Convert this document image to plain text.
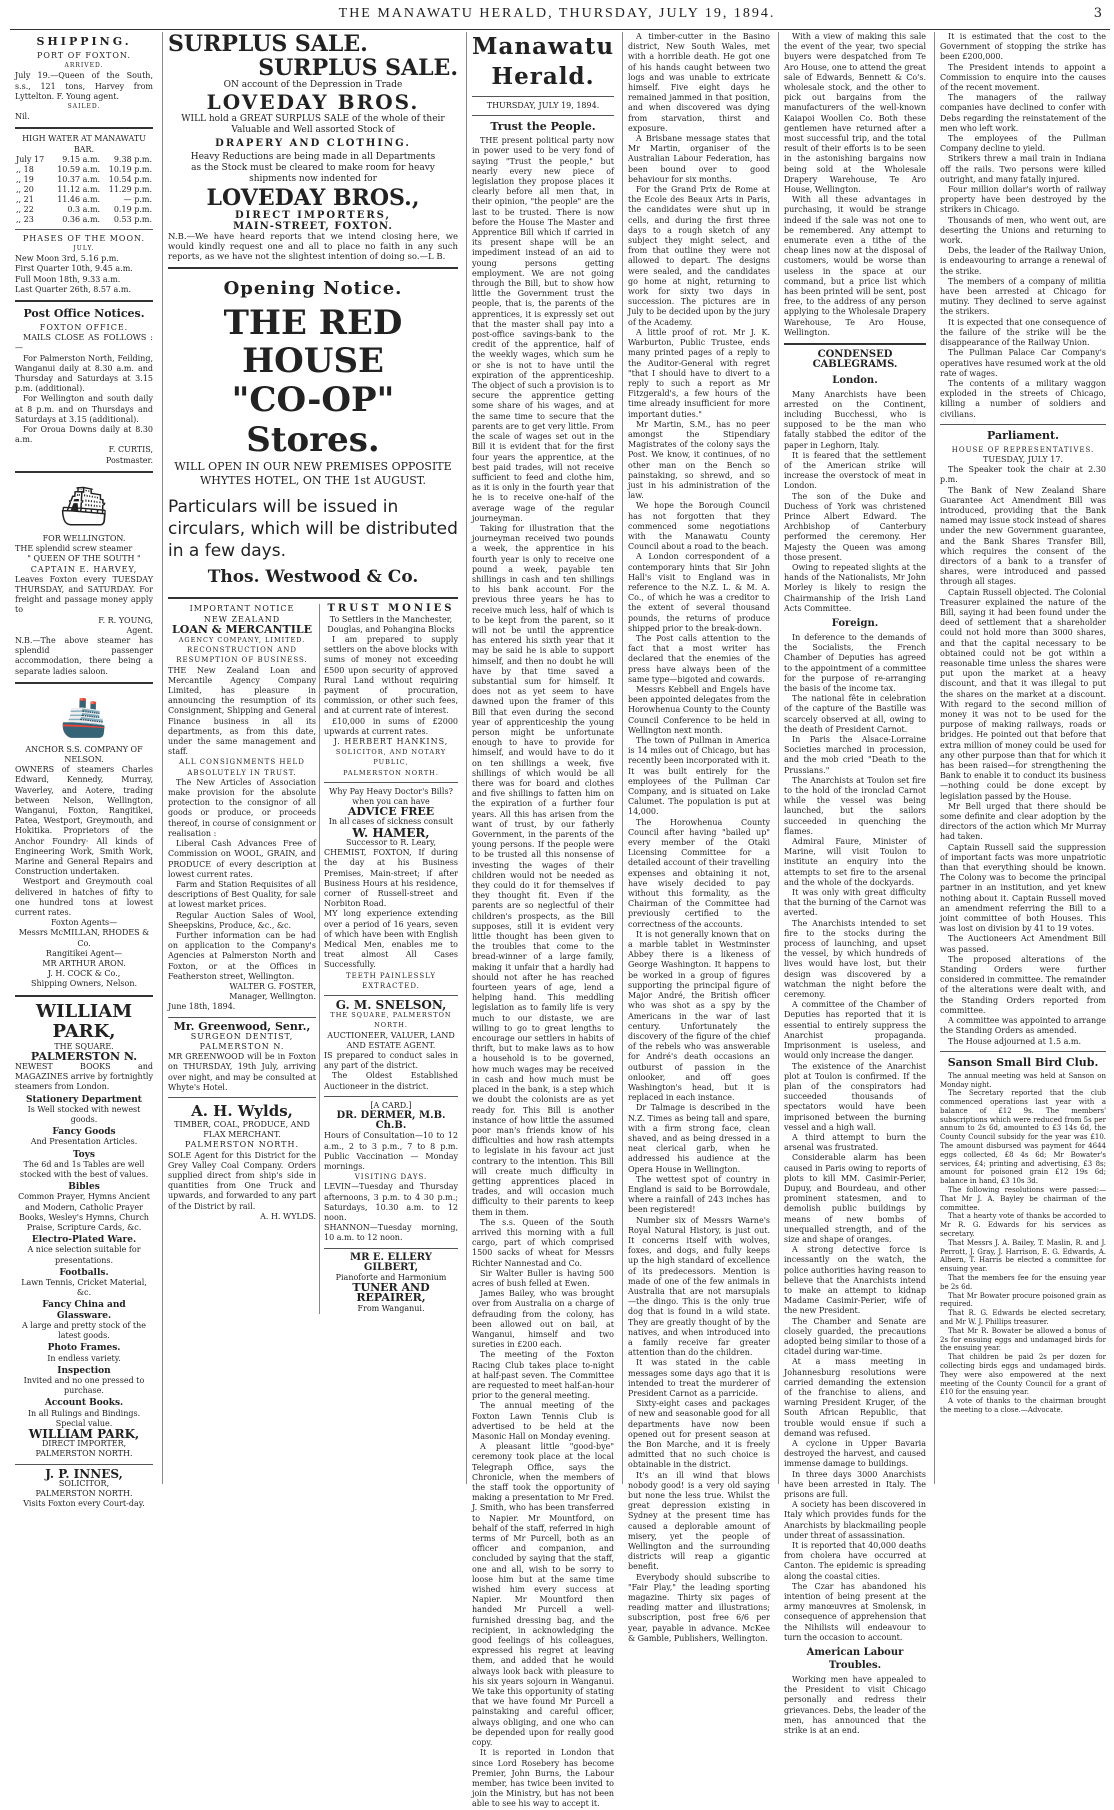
THE MANAWATU HERALD, THURSDAY, JULY 19, 1894.	3
SHIPPING.
PORT OF FOXTON.
ARRIVED.

July 19.—Queen of the South, s.s., 121 tons, Harvey from Lyttelton. F. Young agent.

SAILED.

Nil.

HIGH WATER AT MANAWATU BAR.
July 17	9.15 a.m.	9.38 p.m.
,, 18	10.59 a.m.	10.19 p.m.
,, 19	10.37 a.m.	10.54 p.m.
,, 20	11.12 a.m.	11.29 p.m.
,, 21	11.46 a.m.	— p.m.
,, 22	0.3 a.m.	0.19 p.m.
,, 23	0.36 a.m.	0.53 p.m.
PHASES OF THE MOON.
JULY.

New Moon 3rd, 5.16 p.m.

First Quarter 10th, 9.45 a.m.

Full Moon 18th, 9.33 a.m.

Last Quarter 26th, 8.57 a.m.

Post Office Notices.
FOXTON OFFICE.

MAILS CLOSE AS FOLLOWS :—

For Palmerston North, Feilding, Wanganui daily at 8.30 a.m. and Thursday and Saturdays at 3.15 p.m. (additional).

For Wellington and south daily at 8 p.m. and on Thursdays and Saturdays at 3.15 (additional).

For Oroua Downs daily at 8.30 a.m.

F. CURTIS,
Postmaster.
⛴
FOR WELLINGTON.

THE splendid screw steamer

" QUEEN OF THE SOUTH "
CAPTAIN E. HARVEY,

Leaves Foxton every TUESDAY THURSDAY, and SATURDAY. For freight and passage money apply to

F. R. YOUNG,
Agent.

N.B.—The above steamer has splendid passenger accommodation, there being a separate ladies saloon.

🚢
ANCHOR S.S. COMPANY OF
NELSON.

OWNERS of steamers Charles Edward, Kennedy, Murray, Waverley, and Aotere, trading between Nelson, Wellington, Wanganui, Foxton, Rangitikei, Patea, Westport, Greymouth, and Hokitika. Proprietors of the Anchor Foundry· All kinds of Engineering Work, Smith Work, Marine and General Repairs and Construction undertaken.

Westport and Greymouth coal delivered in hatches of fifty to one hundred tons at lowest current rates.

Foxton Agents—

Messrs McMILLAN, RHODES & Co.

Rangitikei Agent—

MR ARTHUR ARON.

J. H. COCK & Co.,

Shipping Owners, Nelson.

WILLIAM PARK,
THE SQUARE.
PALMERSTON N.

NEWEST BOOKS and MAGAZINES arrive by fortnightly steamers from London.

Stationery Department
Is Well stocked with newest goods.
Fancy Goods
And Presentation Articles.
Toys
The 6d and 1s Tables are well stocked with the best of values.
Bibles
Common Prayer, Hymns Ancient and Modern, Catholic Prayer Books, Wesley's Hymns, Church Praise, Scripture Cards, &c.
Electro-Plated Ware.
A nice selection suitable for presentations.
Footballs.
Lawn Tennis, Cricket Material, &c.
Fancy China and Glassware.
A large and pretty stock of the latest goods.
Photo Frames.
In endless variety.
Inspection
Invited and no one pressed to purchase.
Account Books.
In all Rulings and Bindings. Special value.
WILLIAM PARK,
DIRECT IMPORTER,
PALMERSTON NORTH.
J. P. INNES,
SOLICITOR,
PALMERSTON NORTH.
Visits Foxton every Court-day.
SURPLUS SALE.
SURPLUS SALE.
ON account of the Depression in Trade
LOVEDAY BROS.

WILL hold a GREAT SURPLUS SALE of the whole of their Valuable and Well assorted Stock of

DRAPERY AND CLOTHING.

Heavy Reductions are being made in all Departments as the Stock must be cleared to make room for heavy shipments now indented for

LOVEDAY BROS.,
DIRECT IMPORTERS,
MAIN-STREET, FOXTON.

N.B.—We have heard reports that we intend closing here, we would kindly request one and all to place no faith in any such reports, as we have not the slightest intention of doing so.—L B.

Opening Notice.
THE RED HOUSE
"CO-OP" Stores.
WILL OPEN IN OUR NEW PREMISES OPPOSITE
WHYTES HOTEL, ON THE 1st AUGUST.

Particulars will be issued in circulars, which will be distributed in a few days.

Thos. Westwood & Co.
IMPORTANT NOTICE
NEW ZEALAND
LOAN & MERCANTILE
AGENCY COMPANY, LIMITED.
RECONSTRUCTION AND RESUMPTION OF BUSINESS.

THE New Zealand Loan and Mercantile Agency Company Limited, has pleasure in announcing the resumption of its Consignment, Shipping and General Finance business in all its departments, as from this date, under the same management and staff.

ALL CONSIGNMENTS HELD ABSOLUTELY IN TRUST.

The New Articles of Association make provision for the absolute protection to the consignor of all goods or produce, or proceeds thereof, in course of consignment or realisation :

Liberal Cash Advances Free of Commission on WOOL, GRAIN, and PRODUCE of every description at lowest current rates.

Farm and Station Requisites of all descriptions of Best Quality, for sale at lowest market prices.

Regular Auction Sales of Wool, Sheepskins, Produce, &c., &c.

Further information can be had on application to the Company's Agencies at Palmerston North and Foxton, or at the Offices in Featherston street, Wellington.

WALTER G. FOSTER,
Manager, Wellington.
June 18th, 1894.
Mr. Greenwood, Senr.,
SURGEON DENTIST,
PALMERSTON N.

MR GREENWOOD will be in Foxton on THURSDAY, 19th July, arriving over night, and may be consulted at Whyte's Hotel.

A. H. Wylds,
TIMBER, COAL, PRODUCE, AND FLAX MERCHANT.
PALMERSTON NORTH.

SOLE Agent for this District for the Grey Valley Coal Company. Orders supplied direct from ship's side in quantities from One Truck and upwards, and forwarded to any part of the District by rail.

A. H. WYLDS.
TRUST MONIES
To Settlers in the Manchester, Douglas, and Pohangina Blocks

I am prepared to supply settlers on the above blocks with sums of money not exceeding £500 upon security of approved Rural Land without requiring payment of procuration, commission, or other such fees, and at current rate of interest.

£10,000 in sums of £2000 upwards at current rates.

J. HERBERT HANKINS,
SOLICITOR, AND NOTARY PUBLIC,
PALMERSTON NORTH.
Why Pay Heavy Doctor's Bills? when you can have
ADVICE FREE
In all cases of sickness consult
W. HAMER,
Successor to R. Leary,

CHEMIST, FOXTON, If during the day at his Business Premises, Main-street; if after Business Hours at his residence, corner of Russell-street and Norbiton Road.

MY long experience extending over a period of 16 years, seven of which have been with English Medical Men, enables me to treat almost All Cases Successfully.

TEETH PAINLESSLY EXTRACTED.
G. M. SNELSON,
THE SQUARE, PALMERSTON NORTH.
AUCTIONEER, VALUER, LAND AND ESTATE AGENT.

IS prepared to conduct sales in any part of the district.

The Oldest Established Auctioneer in the district.

[A CARD.]
DR. DERMER, M.B. Ch.B.

Hours of Consultation—10 to 12 a.m., 2 to 3 p.m., 7 to 8 p.m. Public Vaccination — Monday mornings.

VISITING DAYS.

LEVIN—Tuesday and Thursday afternoons, 3 p.m. to 4 30 p.m.; Saturdays, 10.30 a.m. to 12 noon.

SHANNON—Tuesday morning, 10 a.m. to 12 noon.

MR E. ELLERY GILBERT,
Pianoforte and Harmonium
TUNER AND REPAIRER,
From Wanganui.
Manawatu Herald.
THURSDAY, JULY 19, 1894.
Trust the People.

THE present political party now in power used to be very fond of saying "Trust the people," but nearly every new piece of legislation they propose places it clearly before all men that, in their opinion, "the people" are the last to be trusted. There is now before the House The Master and Apprentice Bill which if carried in its present shape will be an impediment instead of an aid to young persons getting employment. We are not going through the Bill, but to show how little the Government trust the people, that is, the parents of the apprentices, it is expressly set out that the master shall pay into a post-office savings-bank to the credit of the apprentice, half of the weekly wages, which sum he or she is not to have until the expiration of the apprenticeship. The object of such a provision is to secure the apprentice getting some share of his wages, and at the same time to secure that the parents are to get very little. From the scale of wages set out in the Bill it is evident that for the first four years the apprentice, at the best paid trades, will not receive sufficient to feed and clothe him, as it is only in the fourth year that he is to receive one-half of the average wage of the regular journeyman.

Taking for illustration that the journeyman received two pounds a week, the apprentice in his fourth year is only to receive one pound a week, payable ten shillings in cash and ten shillings to his bank account. For the previous three years he has to receive much less, half of which is to be kept from the parent, so it will not be until the apprentice has entered his sixth year that it may be said he is able to support himself, and then no doubt he will have by that time saved a substantial sum for himself. It does not as yet seem to have dawned upon the framer of this Bill that even during the second year of apprenticeship the young person might be unfortunate enough to have to provide for himself, and would have to do it on ten shillings a week, five shillings of which would be all there was for board and clothes and five shillings to fatten him on the expiration of a further four years. All this has arisen from the want of trust, by our fatherly Government, in the parents of the young persons. If the people were to be trusted all this nonsense of investing the wages of their children would not be needed as they could do it for themselves if they thought fit. Even if the parents are so neglectful of their children's prospects, as the Bill supposes, still it is evident very little thought has been given to the troubles that come to the bread-winner of a large family, making it unfair that a hardly had should not after he has reached fourteen years of age, lend a helping hand. This meddling legislation as to family life is very much to our distaste, we are willing to go to great lengths to encourage our settlers in habits of thrift, but to make laws as to how a household is to be governed, how much wages may be received in cash and how much must be placed in the bank, is a step which we doubt the colonists are as yet ready for. This Bill is another instance of how little the assumed poor man's friends know of his difficulties and how rash attempts to legislate in his favour act just contrary to the intention. This Bill will create much difficulty in getting apprentices placed in trades, and will occasion much difficulty to their parents to keep them in them.

The s.s. Queen of the South arrived this morning with a full cargo, part of which comprised 1500 sacks of wheat for Messrs Richter Nannestad and Co.

Sir Walter Buller is having 500 acres of bush felled at Ewen.

James Bailey, who was brought over from Australia on a charge of defrauding from the colony, has been allowed out on bail, at Wanganui, himself and two sureties in £200 each.

The meeting of the Foxton Racing Club takes place to-night at half-past seven. The Committee are requested to meet half-an-hour prior to the general meeting.

The annual meeting of the Foxton Lawn Tennis Club is advertised to be held at the Masonic Hall on Monday evening.

A pleasant little "good-bye" ceremony took place at the local Telegraph Office, says the Chronicle, when the members of the staff took the opportunity of making a presentation to Mr Fred. J. Smith, who has been transferred to Napier. Mr Mountford, on behalf of the staff, referred in high terms of Mr Purcell, both as an officer and companion, and concluded by saying that the staff, one and all, wish to be sorry to loose him but at the same time wished him every success at Napier. Mr Mountford then handed Mr Purcell a well-furnished dressing bag, and the recipient, in acknowledging the good feelings of his colleagues, expressed his regret at leaving them, and added that he would always look back with pleasure to his six years sojourn in Wanganui. We take this opportunity of stating that we have found Mr Purcell a painstaking and careful officer, always obliging, and one who can be depended upon for really good copy.

It is reported in London that since Lord Rosebery has become Premier, John Burns, the Labour member, has twice been invited to join the Ministry, but has not been able to see his way to accept it.

A timber-cutter in the Basino district, New South Wales, met with a horrible death. He got one of his hands caught between two logs and was unable to extricate himself. Five eight days he remained jammed in that position, and when discovered was dying from starvation, thirst and exposure.

A Brisbane message states that Mr Martin, organiser of the Australian Labour Federation, has been bound over to good behaviour for six months.

For the Grand Prix de Rome at the Ecole des Beaux Arts in Paris, the candidates were shut up in cells, and during the first three days to a rough sketch of any subject they might select, and from that outline they were not allowed to depart. The designs were sealed, and the candidates go home at night, returning to work for sixty two days in succession. The pictures are in July to be decided upon by the jury of the Academy.

A little proof of rot. Mr J. K. Warburton, Public Trustee, ends many printed pages of a reply to the Auditor-General with regret "that I should have to divert to a reply to such a report as Mr Fitzgerald's, a few hours of the time already insufficient for more important duties."

Mr Martin, S.M., has no peer amongst the Stipendiary Magistrates of the colony says the Post. We know, it continues, of no other man on the Bench so painstaking, so shrewd, and so just in his administration of the law.

We hope the Borough Council has not forgotten that they commenced some negotiations with the Manawatu County Council about a road to the beach.

A London correspondent of a contemporary hints that Sir John Hall's visit to England was in reference to the N.Z. L. & M. A. Co., of which he was a creditor to the extent of several thousand pounds, the returns of produce shipped prior to the break-down.

The Post calls attention to the fact that a most writer has declared that the enemies of the press have always been of the same type—bigoted and cowards.

Messrs Kebbell and Engels have been appointed delegates from the Horowhenua County to the County Council Conference to be held in Wellington next month.

The town of Pullman in America is 14 miles out of Chicago, but has recently been incorporated with it. It was built entirely for the employees of the Pullman Car Company, and is situated on Lake Calumet. The population is put at 14,000.

The Horowhenua County Council after having "bailed up" every member of the Otaki Licensing Committee for a detailed account of their travelling expenses and obtaining it not, have wisely decided to pay without this formality, as the Chairman of the Committee had previously certified to the correctness of the accounts.

It is not generally known that on a marble tablet in Westminster Abbey there is a likeness of George Washington. It happens to be worked in a group of figures supporting the principal figure of Major André, the British officer who was shot as a spy by the Americans in the war of last century. Unfortunately the discovery of the figure of the chief of the rebels who was answerable for André's death occasions an outburst of passion in the onlooker, and off goes Washington's head, but it is replaced in each instance.

Dr Talmage is described in the N.Z. Times as being tall and spare, with a firm strong face, clean shaved, and as being dressed in a neat clerical garb, when he addressed his audience at the Opera House in Wellington.

The wettest spot of country in England is said to be Borrowdale, where a rainfall of 243 inches has been registered!

Number six of Messrs Warne's Royal Natural History, is just out. It concerns itself with wolves, foxes, and dogs, and fully keeps up the high standard of excellence of its predecessors. Mention is made of one of the few animals in Australia that are not marsupials—the dingo. This is the only true dog that is found in a wild state. They are greatly thought of by the natives, and when introduced into a family receive far greater attention than do the children.

It was stated in the cable messages some days ago that it is intended to treat the murderer of President Carnot as a parricide.

Sixty-eight cases and packages of new and seasonable good for all departments have now been opened out for present season at the Bon Marche, and it is freely admitted that no such choice is obtainable in the district.

It's an ill wind that blows nobody good! is a very old saying but none the less true. Whilst the great depression existing in Sydney at the present time has caused a deplorable amount of misery, yet the people of Wellington and the surrounding districts will reap a gigantic benefit.

Everybody should subscribe to "Fair Play," the leading sporting magazine. Thirty six pages of reading matter and illustrations; subscription, post free 6/6 per year, payable in advance. McKee & Gamble, Publishers, Wellington.

With a view of making this sale the event of the year, two special buyers were despatched from Te Aro House, one to attend the great sale of Edwards, Bennett & Co's. wholesale stock, and the other to pick out bargains from the manufacturers of the well-known Kaiapoi Woollen Co. Both these gentlemen have returned after a most successful trip, and the total result of their efforts is to be seen in the astonishing bargains now being sold at the Wholesale Drapery Warehouse, Te Aro House, Wellington.

With all these advantages in purchasing, it would be strange indeed if the sale was not one to be remembered. Any attempt to enumerate even a tithe of the cheap lines now at the disposal of customers, would be worse than useless in the space at our command, but a price list which has been printed will be sent, post free, to the address of any person applying to the Wholesale Drapery Warehouse, Te Aro House, Wellington.

CONDENSED CABLEGRAMS.
London.

Many Anarchists have been arrested on the Continent, including Bucchessi, who is supposed to be the man who fatally stabbed the editor of the paper in Leghorn, Italy.

It is feared that the settlement of the American strike will increase the overstock of meat in London.

The son of the Duke and Duchess of York was christened Prince Albert Edward. The Archbishop of Canterbury performed the ceremony. Her Majesty the Queen was among those present.

Owing to repeated slights at the hands of the Nationalists, Mr John Morley is likely to resign the Chairmanship of the Irish Land Acts Committee.

Foreign.

In deference to the demands of the Socialists, the French Chamber of Deputies has agreed to the appointment of a committee for the purpose of re-arranging the basis of the income tax.

The national fête in celebration of the capture of the Bastille was scarcely observed at all, owing to the death of President Carnot.

In Paris the Alsace-Lorraine Societies marched in procession, and the mob cried "Death to the Prussians."

The Anarchists at Toulon set fire to the hold of the ironclad Carnot while the vessel was being launched, but the sailors succeeded in quenching the flames.

Admiral Faure, Minister of Marine, will visit Toulon to institute an enquiry into the attempts to set fire to the arsenal and the whole of the dockyards.

It was only with great difficulty that the burning of the Carnot was averted.

The Anarchists intended to set fire to the stocks during the process of launching, and upset the vessel, by which hundreds of lives would have lost, but their design was discovered by a watchman the night before the ceremony.

A committee of the Chamber of Deputies has reported that it is essential to entirely suppress the Anarchist propaganda. Imprisonment is useless, and would only increase the danger.

The existence of the Anarchist plot at Toulon is confirmed. If the plan of the conspirators had succeeded thousands of spectators would have been imprisoned between the burning vessel and a high wall.

A third attempt to burn the arsenal was frustrated.

Considerable alarm has been caused in Paris owing to reports of plots to kill MM. Casimir-Perier, Dupuy, and Bourdeau, and other prominent statesmen, and to demolish public buildings by means of new bombs of unequalled strength, and of the size and shape of oranges.

A strong detective force is incessantly on the watch, the police authorities having reason to believe that the Anarchists intend to make an attempt to kidnap Madame Casimir-Perier, wife of the new President.

The Chamber and Senate are closely guarded, the precautions adopted being similar to those of a citadel during war-time.

At a mass meeting in Johannesburg resolutions were carried demanding the extension of the franchise to aliens, and warning President Kruger, of the South African Republic, that trouble would ensue if such a demand was refused.

A cyclone in Upper Bavaria destroyed the harvest, and caused immense damage to buildings.

In three days 3000 Anarchists have been arrested in Italy. The prisons are full.

A society has been discovered in Italy which provides funds for the Anarchists by blackmailing people under threat of assassination.

It is reported that 40,000 deaths from cholera have occurred at Canton. The epidemic is spreading along the coastal cities.

The Czar has abandoned his intention of being present at the army manœuvres at Smolensk, in consequence of apprehension that the Nihilists will endeavour to turn the occasion to account.

American Labour Troubles.

Working men have appealed to the President to visit Chicago personally and redress their grievances. Debs, the leader of the men, has announced that the strike is at an end.

It is estimated that the cost to the Government of stopping the strike has been £200,000.

The President intends to appoint a Commission to enquire into the causes of the recent movement.

The managers of the railway companies have declined to confer with Debs regarding the reinstatement of the men who left work.

The employees of the Pullman Company decline to yield.

Strikers threw a mail train in Indiana off the rails. Two persons were killed outright, and many fatally injured.

Four million dollar's worth of railway property have been destroyed by the strikers in Chicago.

Thousands of men, who went out, are deserting the Unions and returning to work.

Debs, the leader of the Railway Union, is endeavouring to arrange a renewal of the strike.

The members of a company of militia have been arrested at Chicago for mutiny. They declined to serve against the strikers.

It is expected that one consequence of the failure of the strike will be the disappearance of the Railway Union.

The Pullman Palace Car Company's operatives have resumed work at the old rate of wages.

The contents of a military waggon exploded in the streets of Chicago, killing a number of soldiers and civilians.

Parliament.
HOUSE OF REPRESENTATIVES.
TUESDAY, JULY 17.

The Speaker took the chair at 2.30 p.m.

The Bank of New Zealand Share Guarantee Act Amendment Bill was introduced, providing that the Bank named may issue stock instead of shares under the new Government guarantee, and the Bank Shares Transfer Bill, which requires the consent of the directors of a bank to a transfer of shares, were introduced and passed through all stages.

Captain Russell objected. The Colonial Treasurer explained the nature of the Bill, saying it had been found under the deed of settlement that a shareholder could not hold more than 3000 shares, and that the capital necessary to be obtained could not be got within a reasonable time unless the shares were put upon the market at a heavy discount, and that it was illegal to put the shares on the market at a discount. With regard to the second million of money it was not to be used for the purpose of making railways, roads or bridges. He pointed out that before that extra million of money could be used for any other purpose than that for which it has been raised—for strengthening the Bank to enable it to conduct its business—nothing could be done except by legislation passed by the House.

Mr Bell urged that there should be some definite and clear adoption by the directors of the action which Mr Murray had taken.

Captain Russell said the suppression of important facts was more unpatriotic than that everything should be known. The Colony was to become the principal partner in an institution, and yet knew nothing about it. Captain Russell moved an amendment referring the Bill to a joint committee of both Houses. This was lost on division by 41 to 19 votes.

The Auctioneers Act Amendment Bill was passed.

The proposed alterations of the Standing Orders were further considered in committee. The remainder of the alterations were dealt with, and the Standing Orders reported from committee.

A committee was appointed to arrange the Standing Orders as amended.

The House adjourned at 1.5 a.m.

Sanson Small Bird Club.

The annual meeting was held at Sanson on Monday night.

The Secretary reported that the club commenced operations last year with a balance of £12 9s. The members' subscriptions which were reduced from 5s per annum to 2s 6d, amounted to £3 14s 6d, the County Council subsidy for the year was £10. The amount disbursed was payment for 4644 eggs collected, £8 4s 6d; Mr Bowater's services, £4; printing and advertising, £3 8s; amount for poisoned grain £12 19s 6d; balance in hand, £3 10s 3d.

The following resolutions were passed:—That Mr J. A. Bayley be chairman of the committee.

That a hearty vote of thanks be accorded to Mr R. G. Edwards for his services as secretary.

That Messrs J. A. Bailey, T. Maslin, R. and J. Perrott, J. Gray, J. Harrison, E. G. Edwards, A. Albern, T. Harris be elected a committee for ensuing year.

That the members fee for the ensuing year be 2s 6d.

That Mr Bowater procure poisoned grain as required.

That R. G. Edwards be elected secretary, and Mr W. J. Phillips treasurer.

That Mr R. Bowater be allowed a bonus of 2s for ensuing eggs and undamaged birds for the ensuing year.

That children be paid 2s per dozen for collecting birds eggs and undamaged birds. They were also empowered at the next meeting of the County Council for a grant of £10 for the ensuing year.

A vote of thanks to the chairman brought the meeting to a close.—Advocate.
